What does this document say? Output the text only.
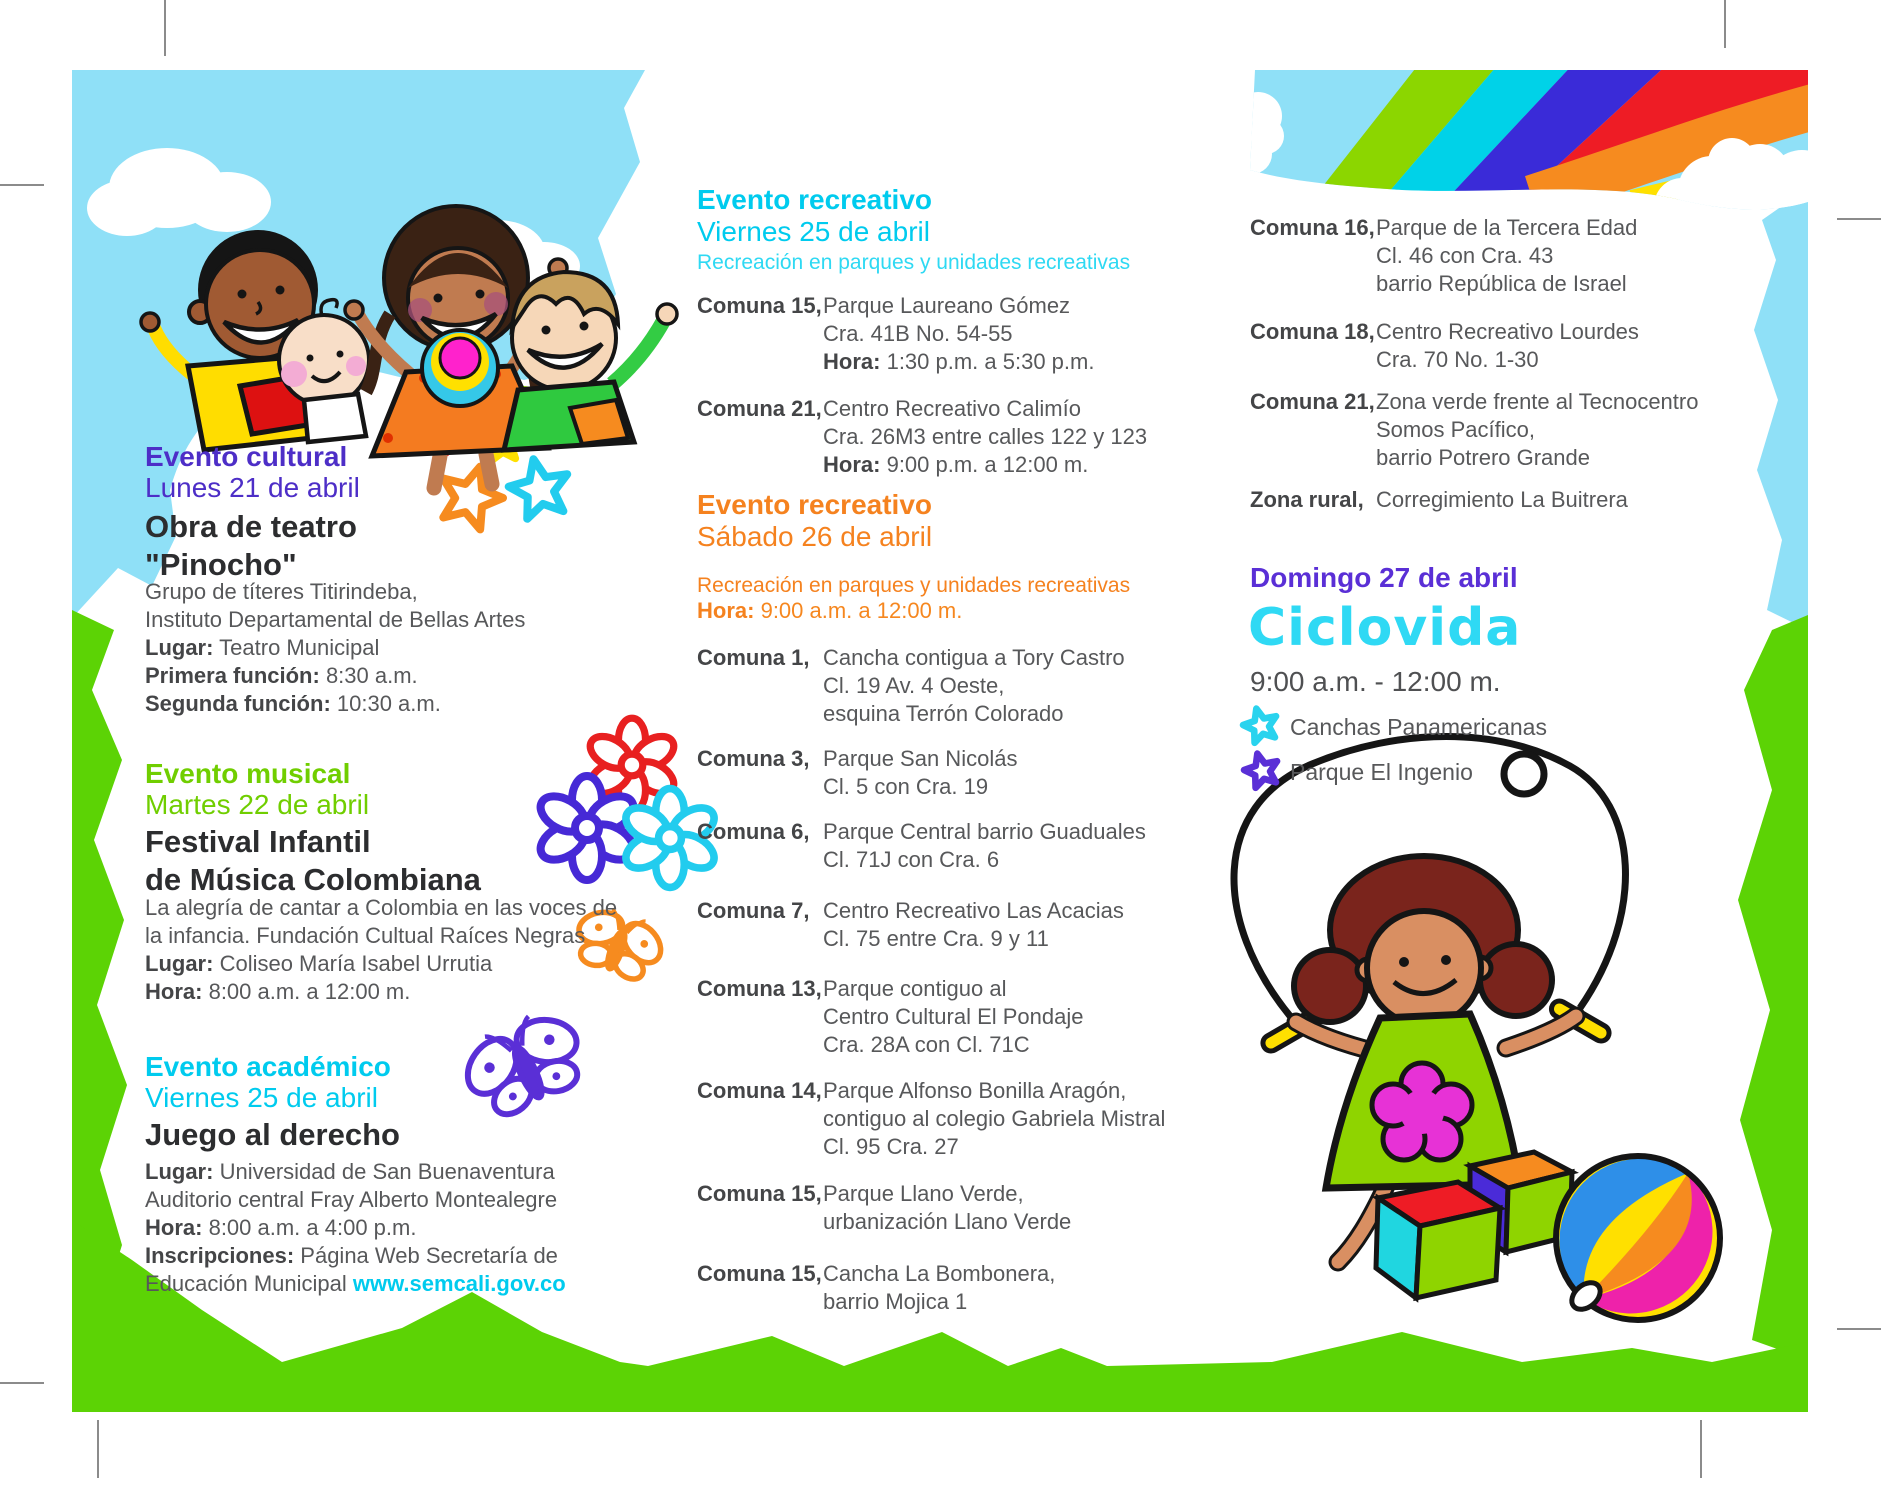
Evento cultural
Lunes 21 de abril
Obra de teatro
"Pinocho"
Grupo de títeres Titirindeba,
Instituto Departamental de Bellas Artes
Lugar: Teatro Municipal
Primera función: 8:30 a.m.
Segunda función: 10:30 a.m.
Evento musical
Martes 22 de abril
Festival Infantil
de Música Colombiana
La alegría de cantar a Colombia en las voces de
la infancia. Fundación Cultual Raíces Negras
Lugar: Coliseo María Isabel Urrutia
Hora: 8:00 a.m. a 12:00 m.
Evento académico
Viernes 25 de abril
Juego al derecho
Lugar: Universidad de San Buenaventura
Auditorio central Fray Alberto Montealegre
Hora: 8:00 a.m. a 4:00 p.m.
Inscripciones: Página Web Secretaría de
Educación Municipal www.semcali.gov.co
Evento recreativo
Viernes 25 de abril
Recreación en parques y unidades recreativas
Comuna 15, Parque Laureano Gómez
Cra. 41B No. 54-55
Hora: 1:30 p.m. a 5:30 p.m.
Comuna 21, Centro Recreativo Calimío
Cra. 26M3 entre calles 122 y 123
Hora: 9:00 p.m. a 12:00 m.
Evento recreativo
Sábado 26 de abril
Recreación en parques y unidades recreativas
Hora: 9:00 a.m. a 12:00 m.
Comuna 1, Cancha contigua a Tory Castro
Cl. 19 Av. 4 Oeste,
esquina Terrón Colorado
Comuna 3, Parque San Nicolás
Cl. 5 con Cra. 19
Comuna 6, Parque Central barrio Guaduales
Cl. 71J con Cra. 6
Comuna 7, Centro Recreativo Las Acacias
Cl. 75 entre Cra. 9 y 11
Comuna 13, Parque contiguo al
Centro Cultural El Pondaje
Cra. 28A con Cl. 71C
Comuna 14, Parque Alfonso Bonilla Aragón,
contiguo al colegio Gabriela Mistral
Cl. 95 Cra. 27
Comuna 15, Parque Llano Verde,
urbanización Llano Verde
Comuna 15, Cancha La Bombonera,
barrio Mojica 1
Comuna 16, Parque de la Tercera Edad
Cl. 46 con Cra. 43
barrio República de Israel
Comuna 18, Centro Recreativo Lourdes
Cra. 70 No. 1-30
Comuna 21, Zona verde frente al Tecnocentro
Somos Pacífico,
barrio Potrero Grande
Zona rural, Corregimiento La Buitrera
Domingo 27 de abril
Ciclovida
9:00 a.m. - 12:00 m.
Canchas Panamericanas
Parque El Ingenio
